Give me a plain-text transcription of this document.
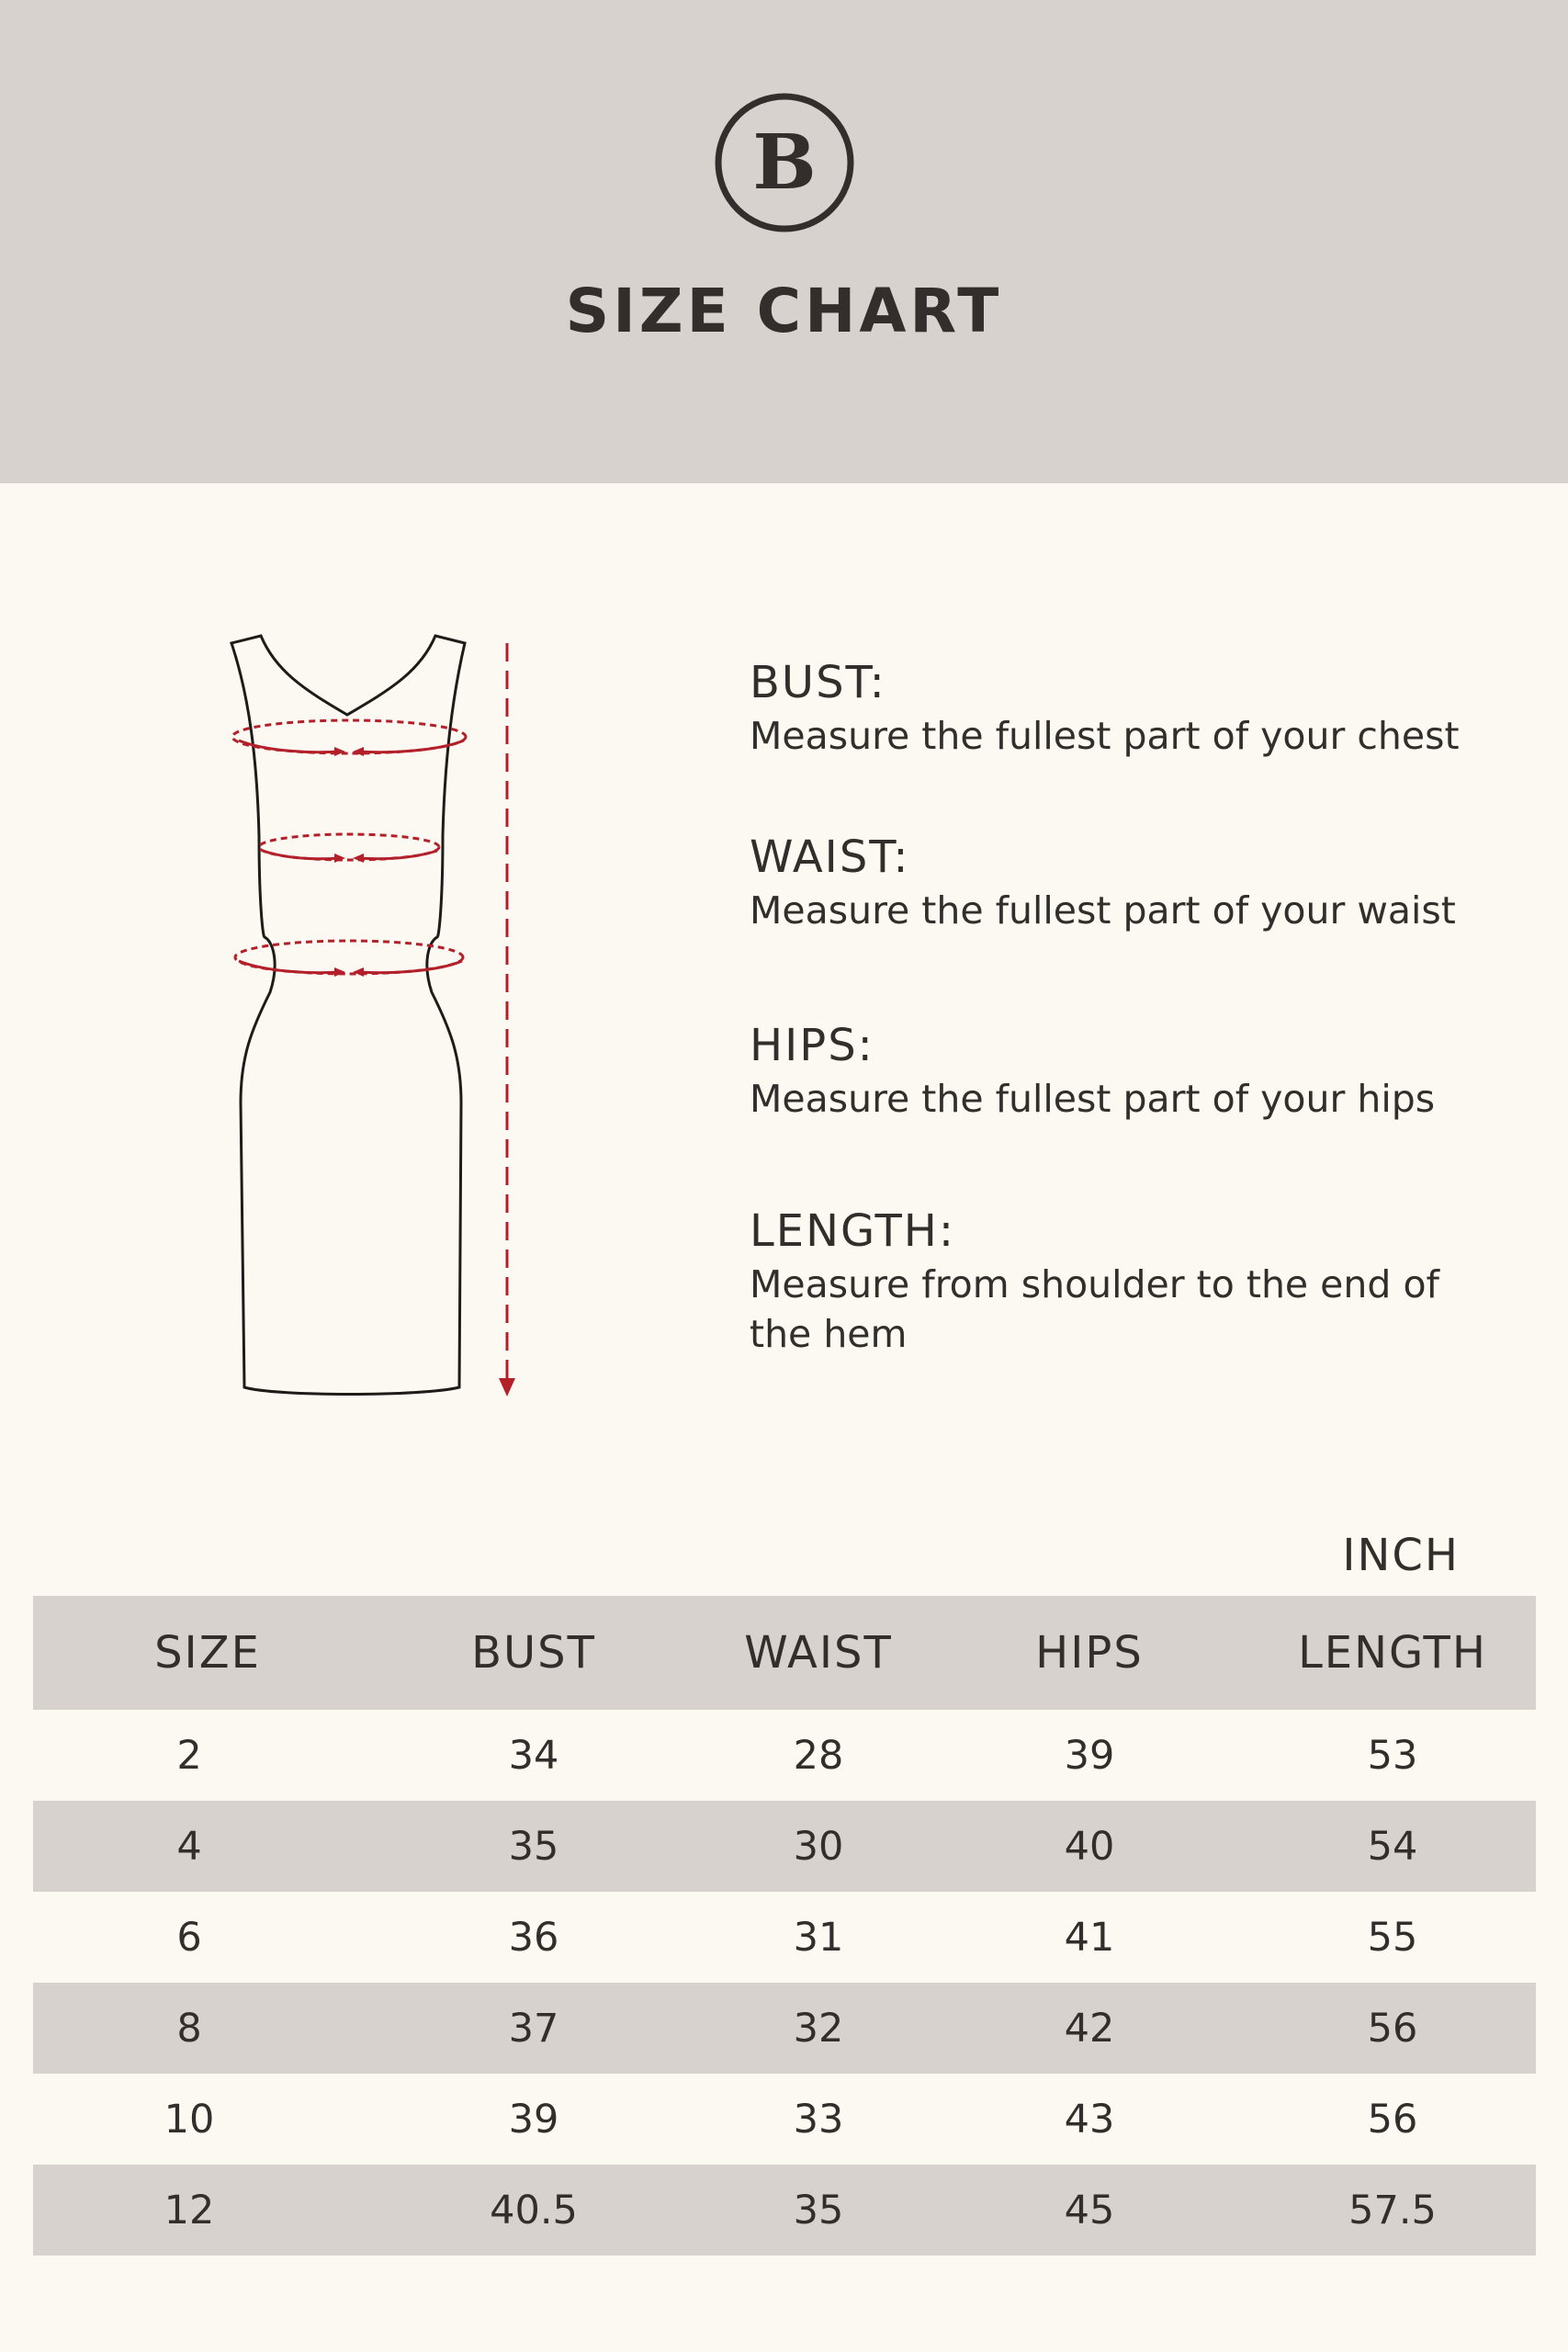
B
SIZE CHART

BUST:

Measure the fullest part of your chest

WAIST:

Measure the fullest part of your waist

HIPS:

Measure the fullest part of your hips

LENGTH:

Measure from shoulder to the end of the hem

INCH
SIZE	BUST	WAIST	HIPS	LENGTH
2	34	28	39	53
4	35	30	40	54
6	36	31	41	55
8	37	32	42	56
10	39	33	43	56
12	40.5	35	45	57.5
